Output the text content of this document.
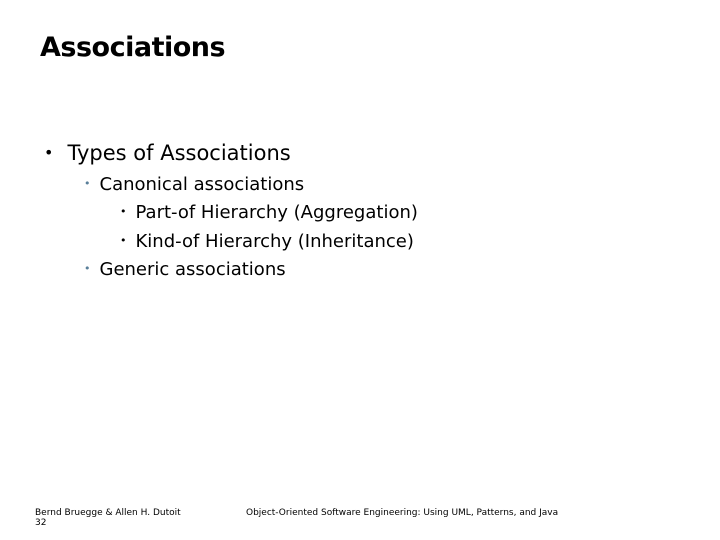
Associations
• Types of Associations
• Canonical associations
• Part-of Hierarchy (Aggregation)
• Kind-of Hierarchy (Inheritance)
• Generic associations
Bernd Bruegge & Allen H. Dutoit
32
Object-Oriented Software Engineering: Using UML, Patterns, and Java
